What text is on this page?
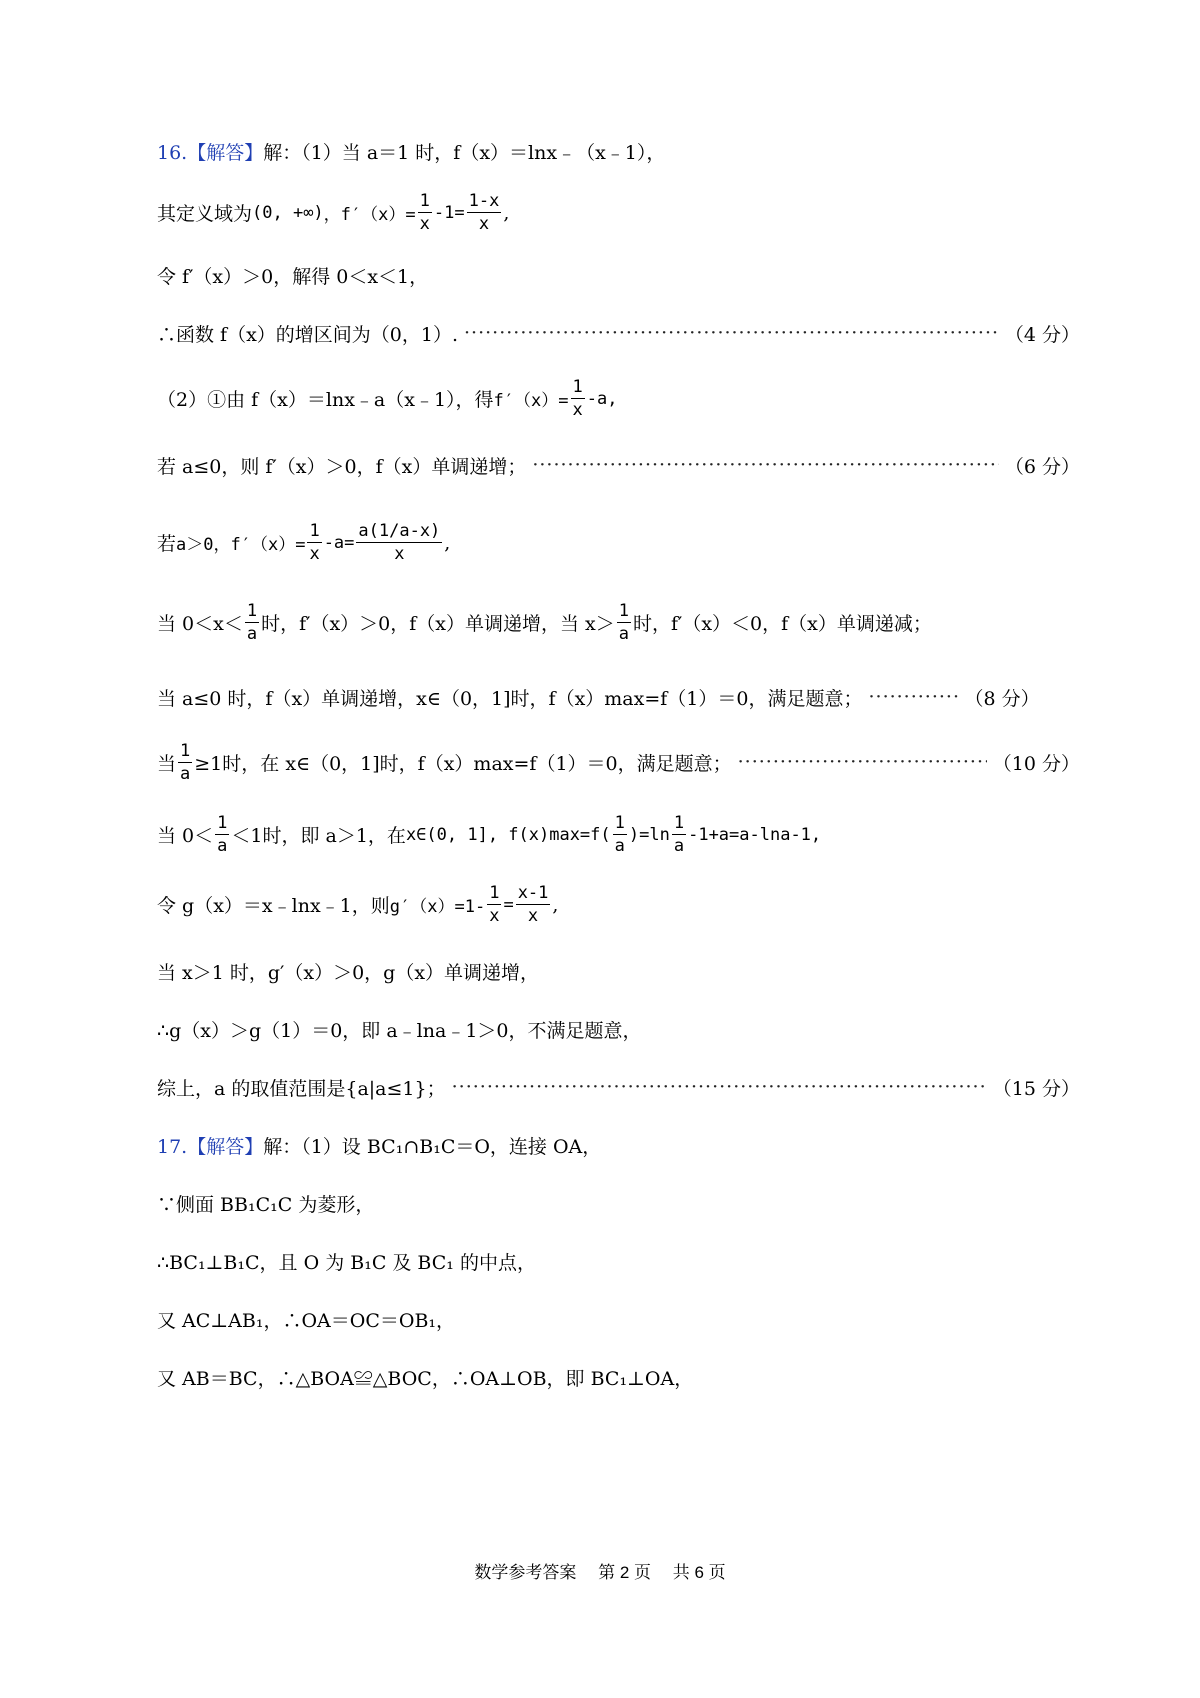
16.【解答】 解：（1）当 a＝1 时，f（x）＝lnx﹣（x﹣1），
其定义域为 (0, +∞) ，$f'(x)= \frac{1}{x} -1= \frac{1-x}{x}$ ,
令 f′（x）＞0，解得 0＜x＜1，
∴函数 f（x）的增区间为（0，1）. ·····	（4 分）
（2）①由 f（x）＝lnx﹣a（x﹣1），得 $f'(x)= \frac{1}{x} -a$,
若 a≤0，则 f′（x）＞0，f（x）单调递增； ·····	（6 分）
若 a＞0，$f'(x)= \frac{1}{x} -a= \frac{a(1/a-x)}{x}$ ,
当 $0<x< \frac{1}{a}$ 时，f′（x）＞0，f（x）单调递增，当 $x> \frac{1}{a}$ 时，f′（x）＜0，f（x）单调递减；
当 a≤0 时，f（x）单调递增，x∈（0，1]时，f（x）max=f（1）＝0，满足题意； ·····	（8 分）
当 $\frac{1}{a} \ge 1$时，在 x∈（0，1]时，f（x）max=f（1）＝0，满足题意； ·····	（10 分）
当 $0< \frac{1}{a} <1$时，即 a＞1，在 x∈(0, 1], $f(x)\max=f( \frac{1}{a} )=\ln \frac{1}{a} -1+a=a-\ln a-1$,
令 g（x）＝x﹣lnx﹣1，则 $g'(x)=1- \frac{1}{x} = \frac{x-1}{x}$ ,
当 x＞1 时，g′（x）＞0，g（x）单调递增，
∴g（x）＞g（1）＝0，即 a﹣lna﹣1＞0，不满足题意，
综上，a 的取值范围是{a|a≤1}； ·····	（15 分）
17.【解答】 解：（1）设 BC₁∩B₁C＝O，连接 OA，
∵侧面 BB₁C₁C 为菱形，
∴BC₁⊥B₁C，且 O 为 B₁C 及 BC₁ 的中点，
又 AC⊥AB₁，∴OA＝OC＝OB₁，
又 AB＝BC，∴△BOA≌△BOC，∴OA⊥OB，即 BC₁⊥OA，
数学参考答案　 第 2 页　 共 6 页
